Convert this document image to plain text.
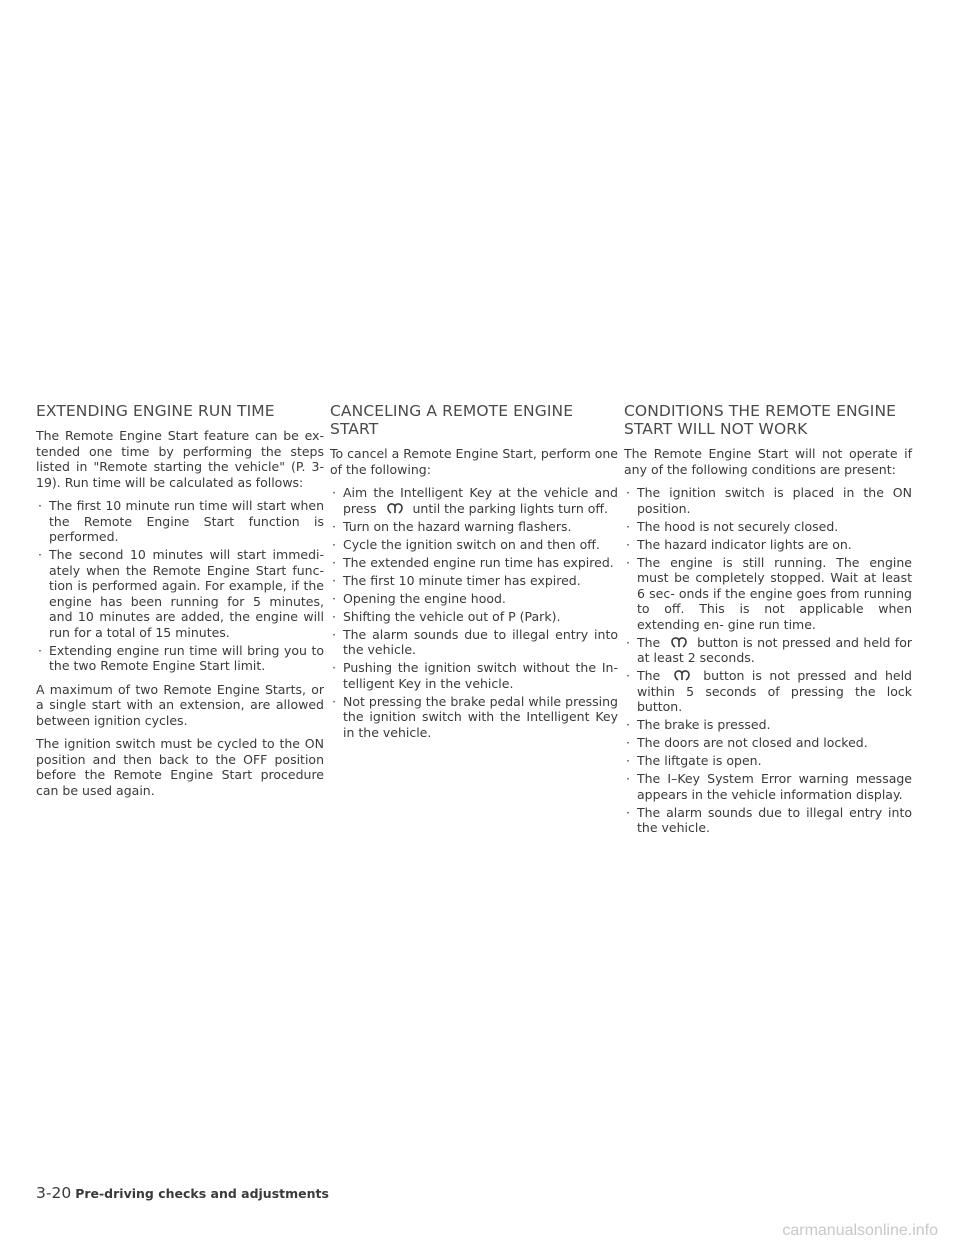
EXTENDING ENGINE RUN TIME

The Remote Engine Start feature can be ex- tended one time by performing the steps listed in "Remote starting the vehicle" (P. 3-19). Run time will be calculated as follows:

· The first 10 minute run time will start when the Remote Engine Start function is performed.
· The second 10 minutes will start immedi- ately when the Remote Engine Start func- tion is performed again. For example, if the engine has been running for 5 minutes, and 10 minutes are added, the engine will run for a total of 15 minutes.
· Extending engine run time will bring you to the two Remote Engine Start limit.

A maximum of two Remote Engine Starts, or a single start with an extension, are allowed between ignition cycles.

The ignition switch must be cycled to the ON position and then back to the OFF position before the Remote Engine Start procedure can be used again.

CANCELING A REMOTE ENGINE START

To cancel a Remote Engine Start, perform one of the following:

· Aim the Intelligent Key at the vehicle and press	until the parking lights turn off.
· Turn on the hazard warning flashers.
· Cycle the ignition switch on and then off.
· The extended engine run time has expired.
· The first 10 minute timer has expired.
· Opening the engine hood.
· Shifting the vehicle out of P (Park).
· The alarm sounds due to illegal entry into the vehicle.
· Pushing the ignition switch without the In- telligent Key in the vehicle.
· Not pressing the brake pedal while pressing the ignition switch with the Intelligent Key in the vehicle.
CONDITIONS THE REMOTE ENGINE START WILL NOT WORK

The Remote Engine Start will not operate if any of the following conditions are present:

· The ignition switch is placed in the ON position.
· The hood is not securely closed.
· The hazard indicator lights are on.
· The engine is still running. The engine must be completely stopped. Wait at least 6 sec- onds if the engine goes from running to off. This is not applicable when extending en- gine run time.
· The	button is not pressed and held for at least 2 seconds.
· The	button is not pressed and held within 5 seconds of pressing the lock button.
· The brake is pressed.
· The doors are not closed and locked.
· The liftgate is open.
· The I–Key System Error warning message appears in the vehicle information display.
· The alarm sounds due to illegal entry into the vehicle.
3-20 Pre-driving checks and adjustments
carmanualsonline.info
